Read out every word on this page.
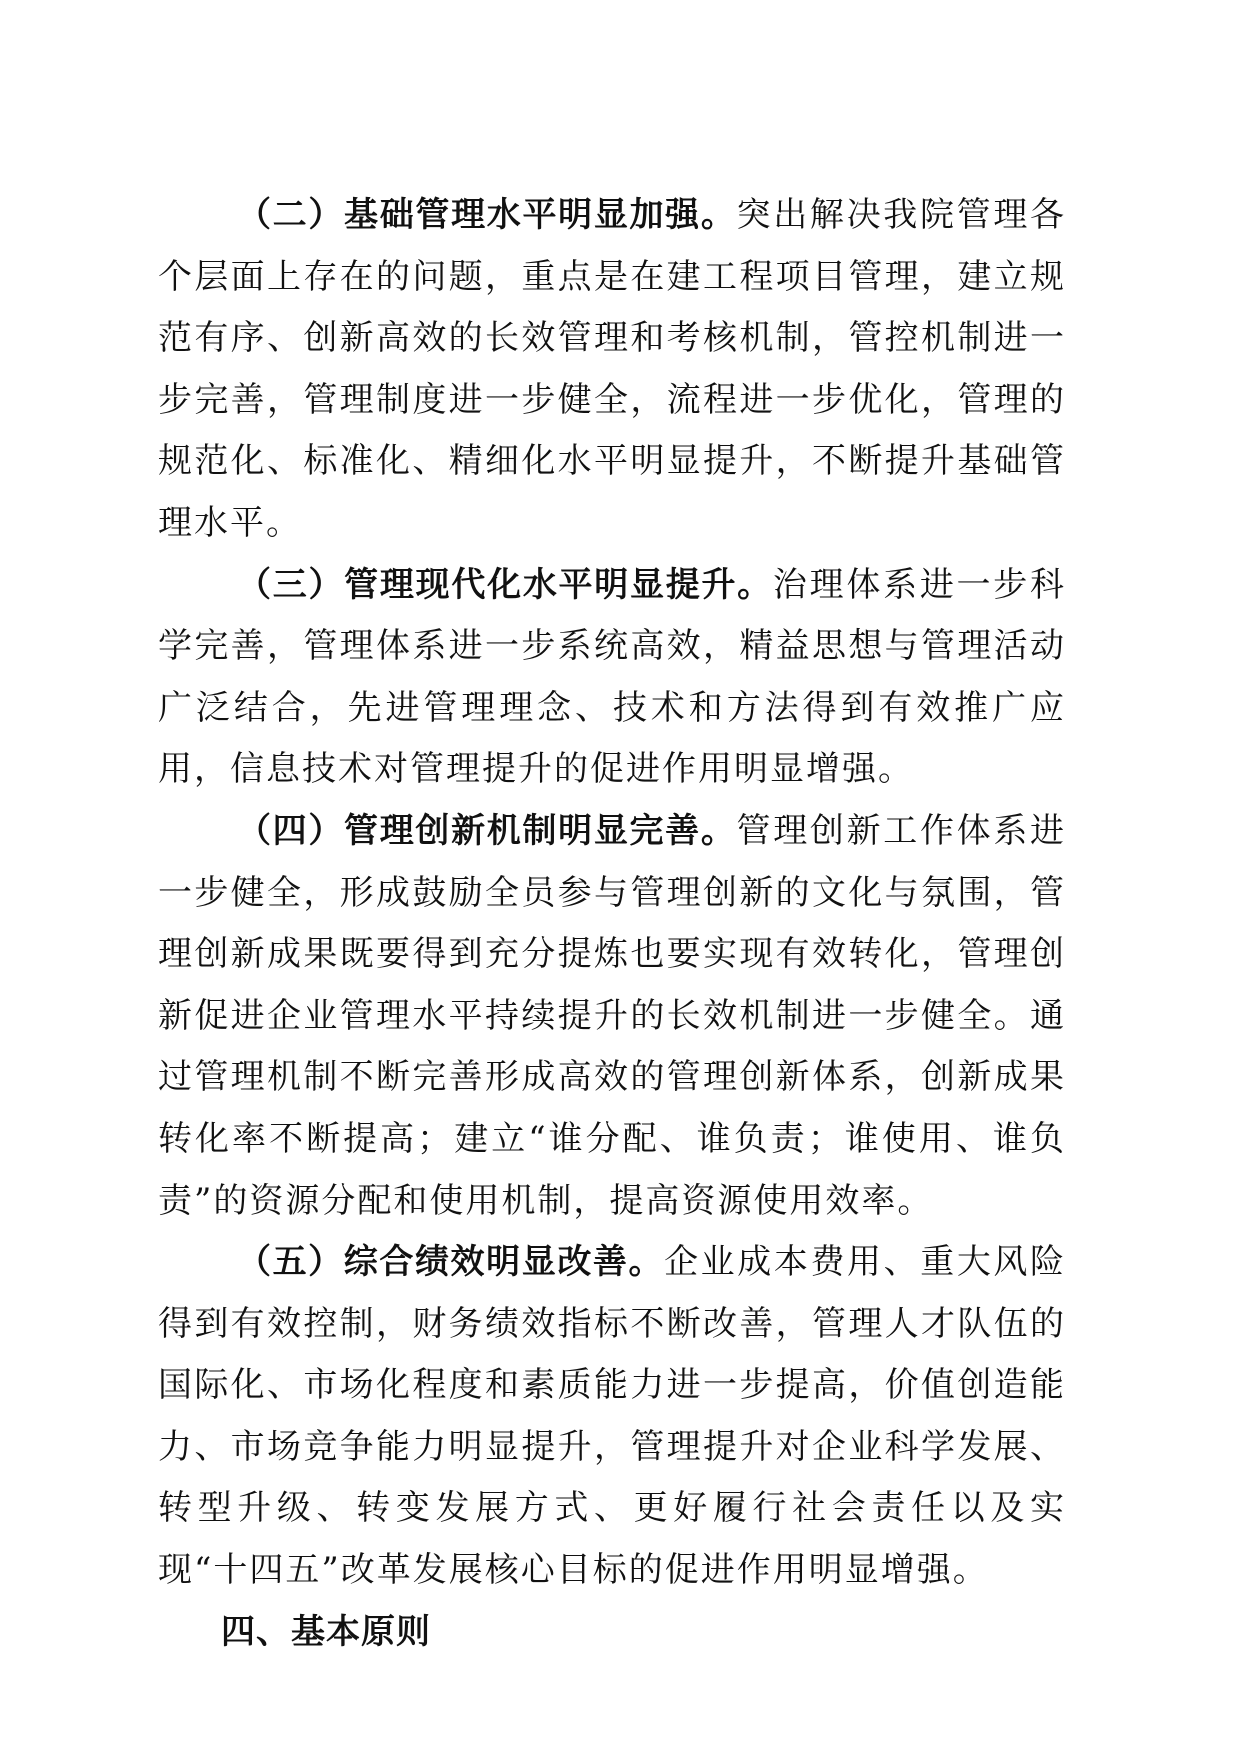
（二）基础管理水平明显加强。突出解决我院管理各个层面上存在的问题，重点是在建工程项目管理，建立规范有序、创新高效的长效管理和考核机制，管控机制进一步完善，管理制度进一步健全，流程进一步优化，管理的规范化、标准化、精细化水平明显提升，不断提升基础管理水平。

（三）管理现代化水平明显提升。治理体系进一步科学完善，管理体系进一步系统高效，精益思想与管理活动广泛结合，先进管理理念、技术和方法得到有效推广应用，信息技术对管理提升的促进作用明显增强。

（四）管理创新机制明显完善。管理创新工作体系进一步健全，形成鼓励全员参与管理创新的文化与氛围，管理创新成果既要得到充分提炼也要实现有效转化，管理创新促进企业管理水平持续提升的长效机制进一步健全。通过管理机制不断完善形成高效的管理创新体系，创新成果转化率不断提高；建立“谁分配、谁负责；谁使用、谁负责”的资源分配和使用机制，提高资源使用效率。

（五）综合绩效明显改善。企业成本费用、重大风险得到有效控制，财务绩效指标不断改善，管理人才队伍的国际化、市场化程度和素质能力进一步提高，价值创造能力、市场竞争能力明显提升，管理提升对企业科学发展、转型升级、转变发展方式、更好履行社会责任以及实现“十四五”改革发展核心目标的促进作用明显增强。

四、基本原则
